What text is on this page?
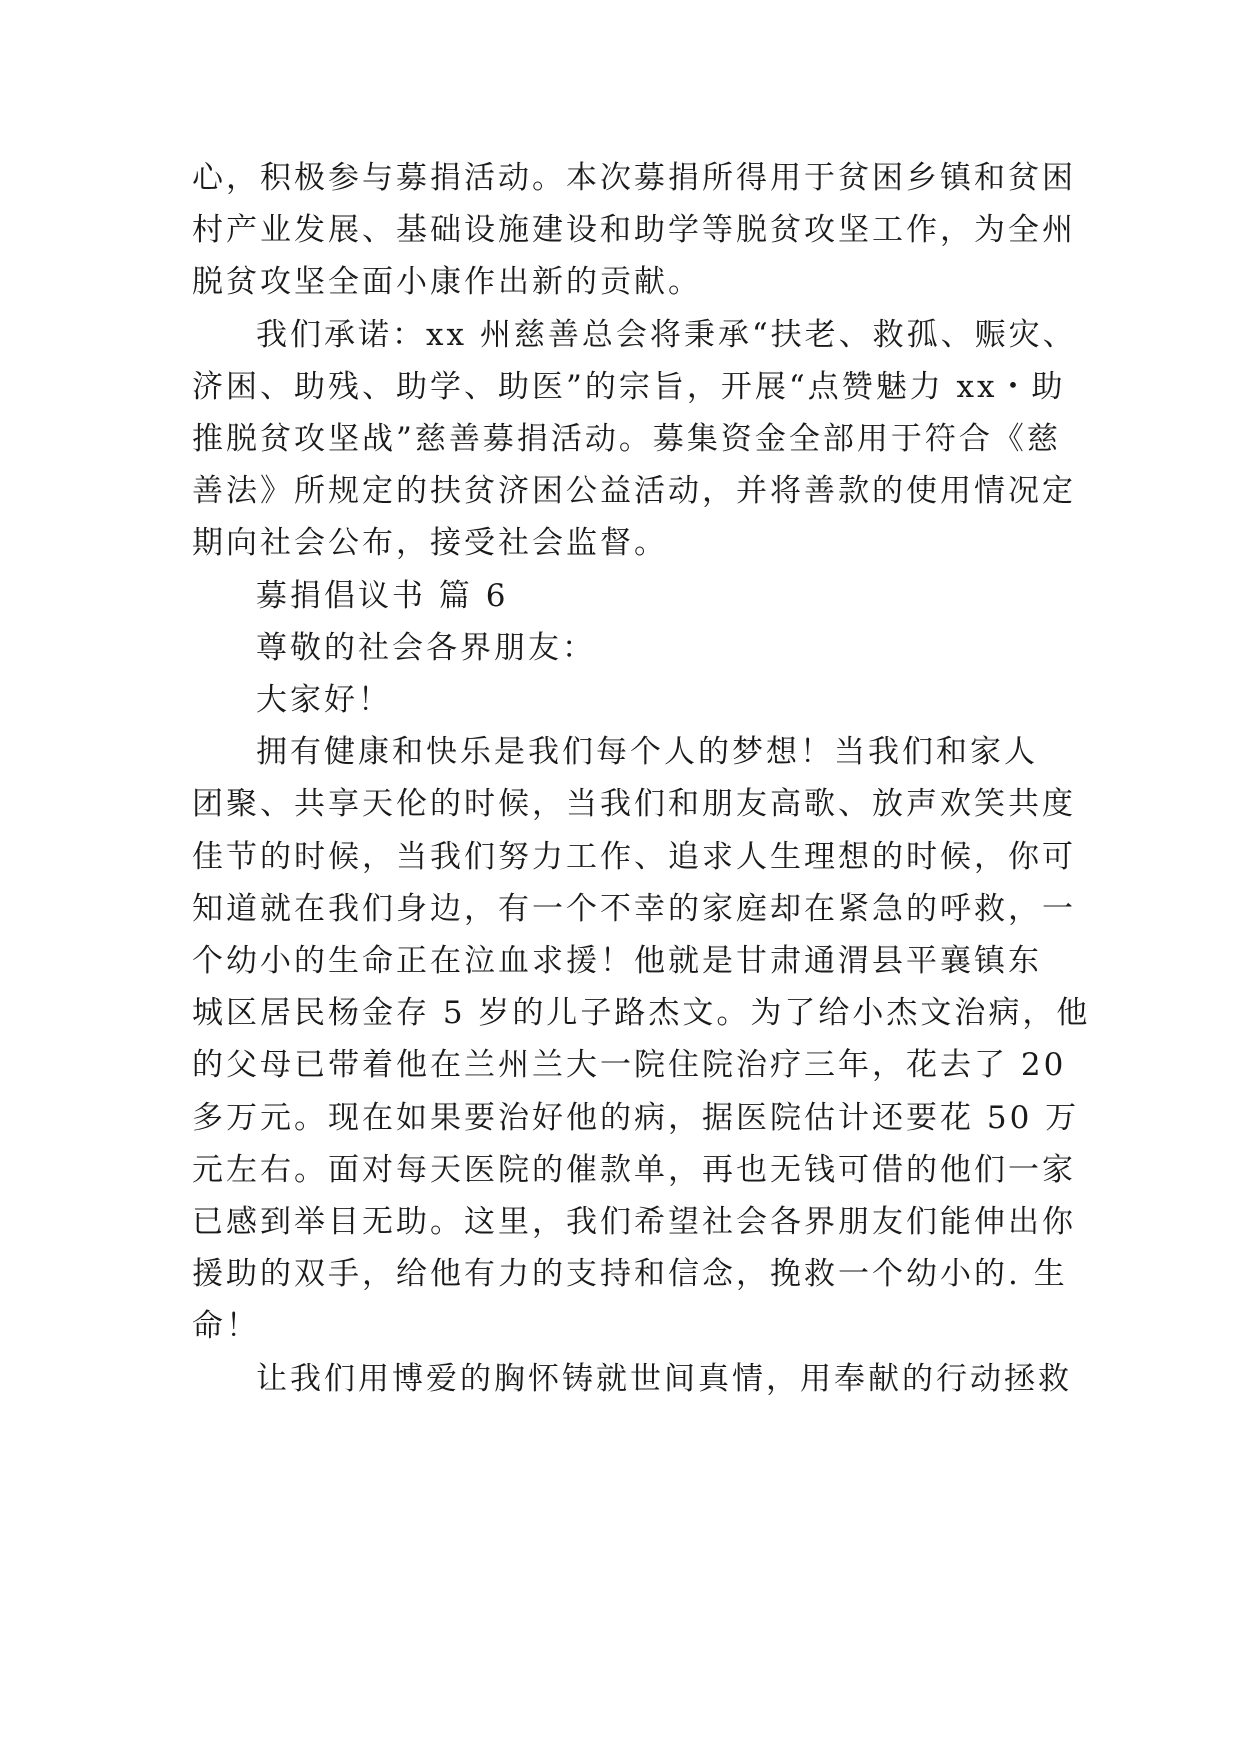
心，积极参与募捐活动。本次募捐所得用于贫困乡镇和贫困
村产业发展、基础设施建设和助学等脱贫攻坚工作，为全州
脱贫攻坚全面小康作出新的贡献。
我们承诺：xx 州慈善总会将秉承“扶老、救孤、赈灾、
济困、助残、助学、助医”的宗旨，开展“点赞魅力 xx・助
推脱贫攻坚战”慈善募捐活动。募集资金全部用于符合《慈
善法》所规定的扶贫济困公益活动，并将善款的使用情况定
期向社会公布，接受社会监督。
募捐倡议书 篇 6
尊敬的社会各界朋友：
大家好！
拥有健康和快乐是我们每个人的梦想！当我们和家人
团聚、共享天伦的时候，当我们和朋友高歌、放声欢笑共度
佳节的时候，当我们努力工作、追求人生理想的时候，你可
知道就在我们身边，有一个不幸的家庭却在紧急的呼救，一
个幼小的生命正在泣血求援！他就是甘肃通渭县平襄镇东
城区居民杨金存 5 岁的儿子路杰文。为了给小杰文治病，他
的父母已带着他在兰州兰大一院住院治疗三年，花去了 20
多万元。现在如果要治好他的病，据医院估计还要花 50 万
元左右。面对每天医院的催款单，再也无钱可借的他们一家
已感到举目无助。这里，我们希望社会各界朋友们能伸出你
援助的双手，给他有力的支持和信念，挽救一个幼小的. 生
命！
让我们用博爱的胸怀铸就世间真情，用奉献的行动拯救
